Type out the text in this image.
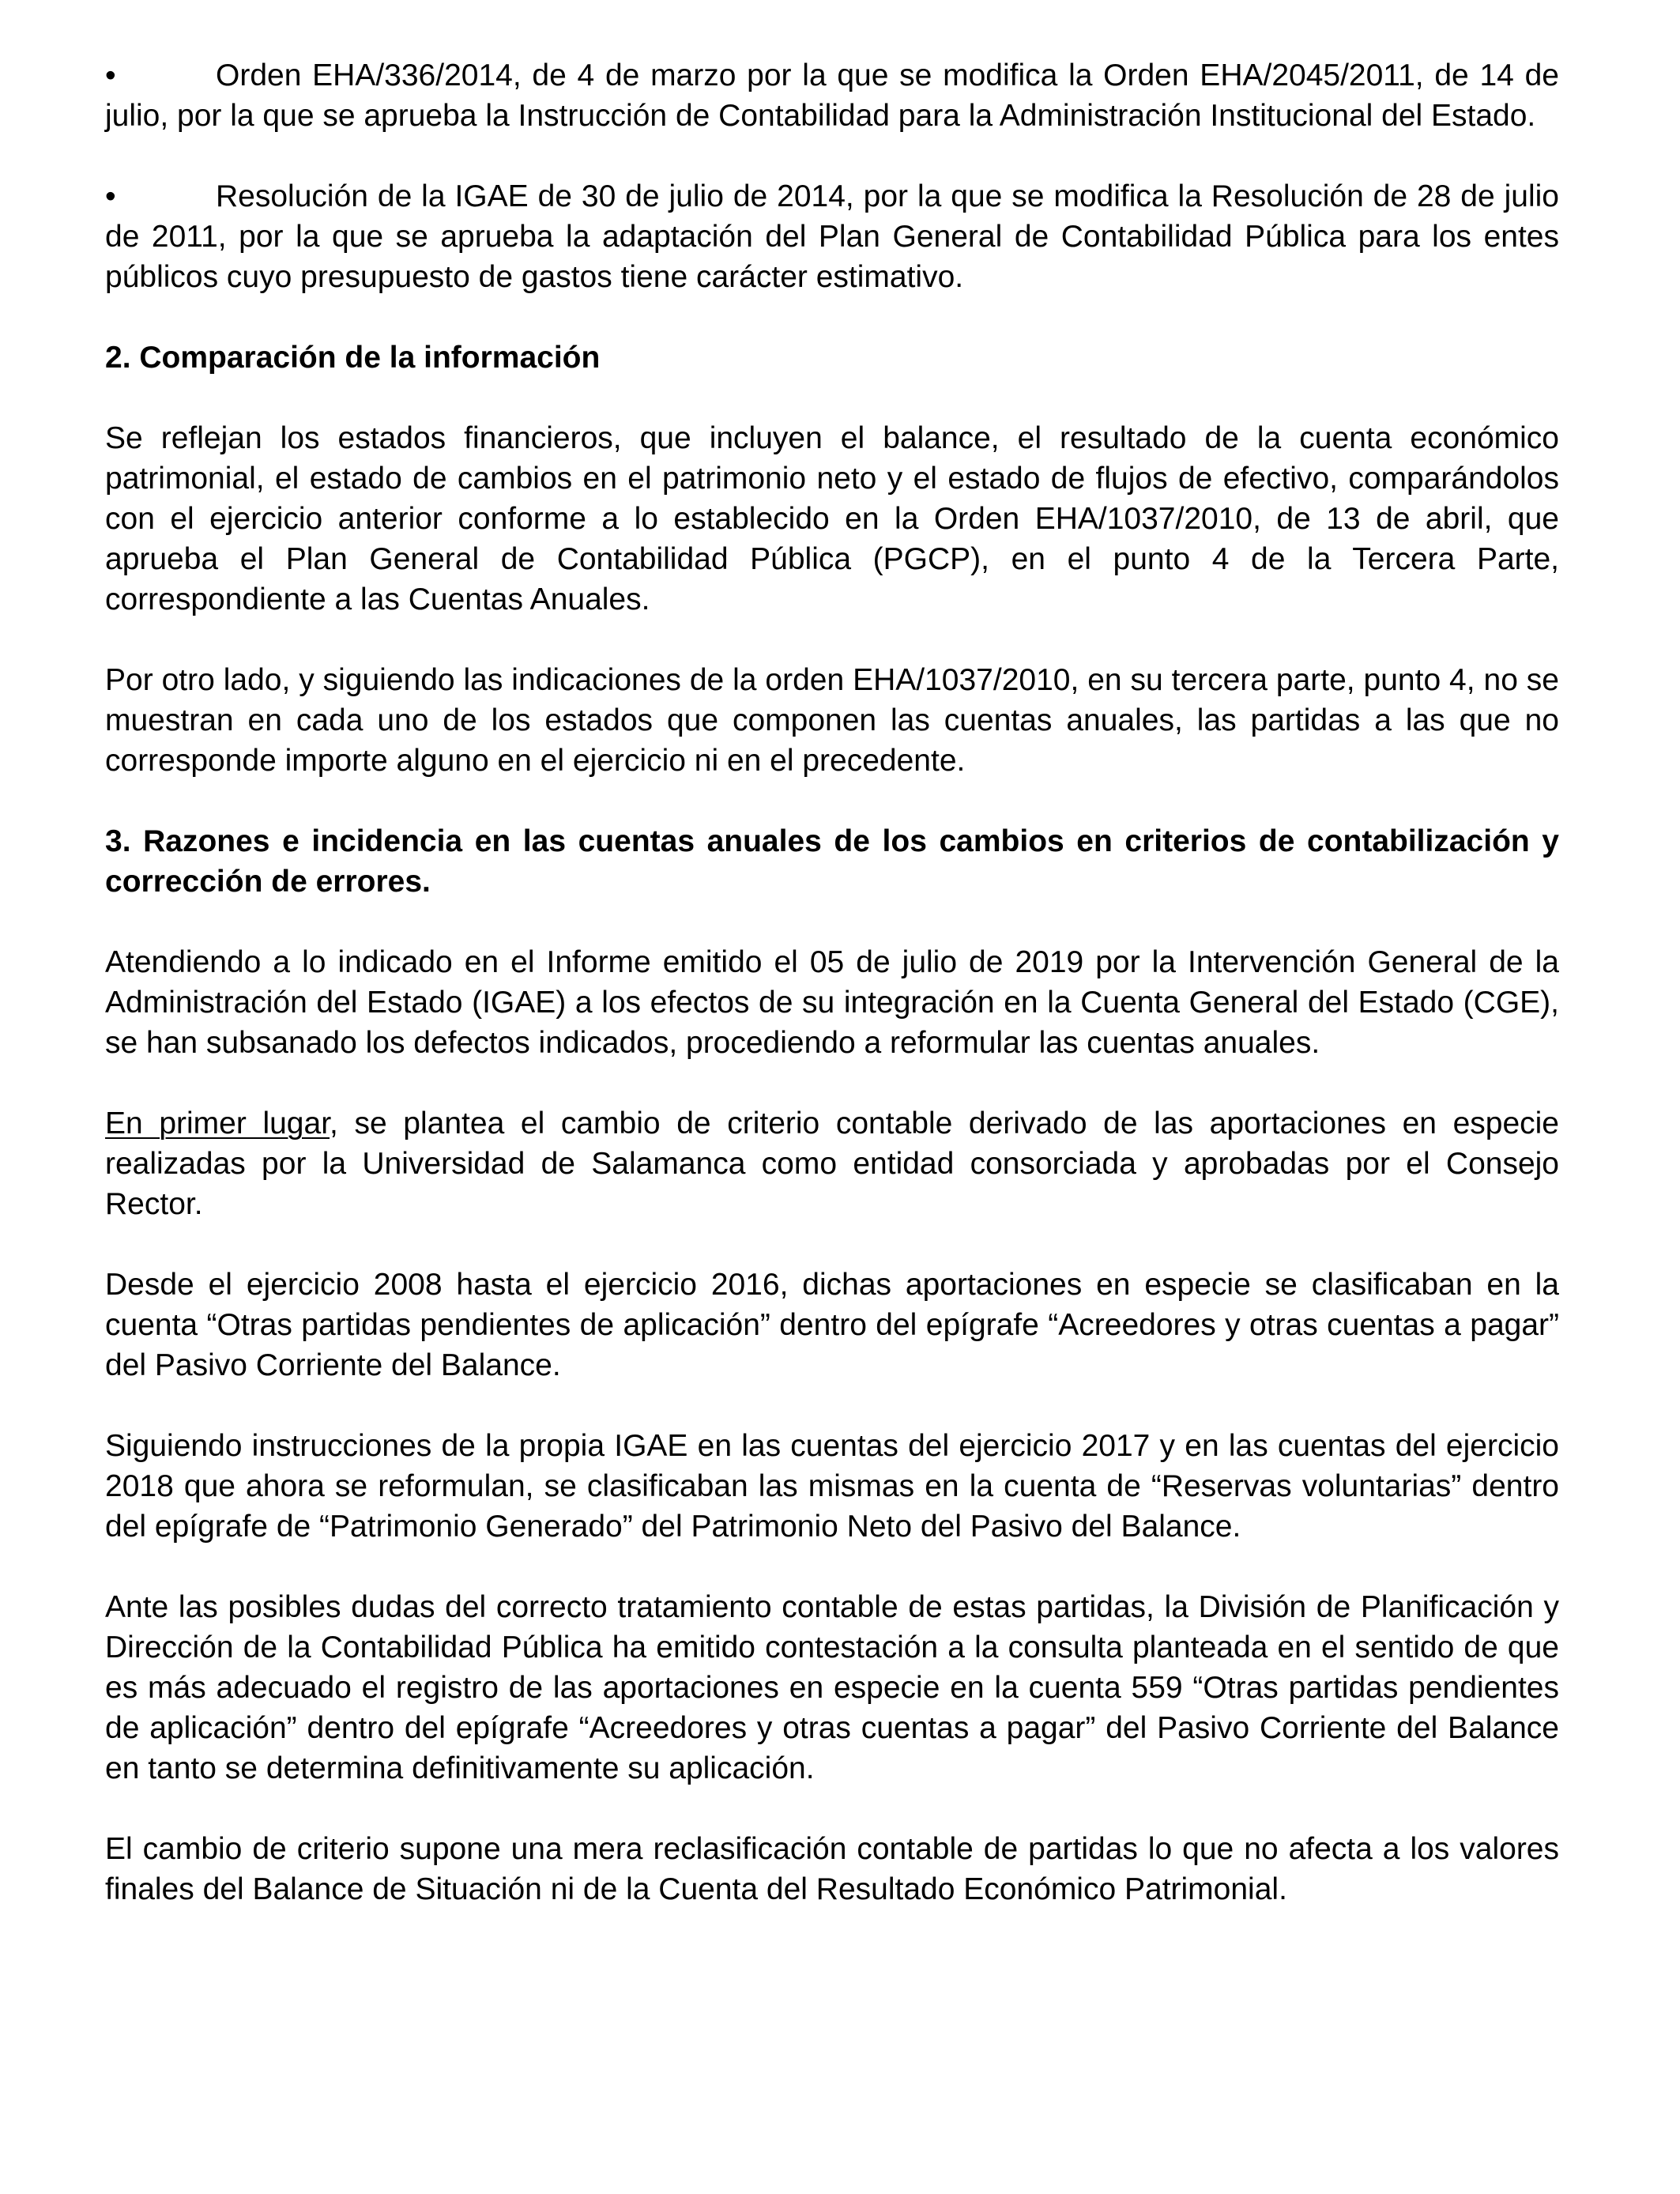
•	Orden EHA/336/2014, de 4 de marzo por la que se modifica la Orden EHA/2045/2011, de 14 de julio, por la que se aprueba la Instrucción de Contabilidad para la Administración Institucional del Estado.

•	Resolución de la IGAE de 30 de julio de 2014, por la que se modifica la Resolución de 28 de julio de 2011, por la que se aprueba la adaptación del Plan General de Contabilidad Pública para los entes públicos cuyo presupuesto de gastos tiene carácter estimativo.

2. Comparación de la información

Se reflejan los estados financieros, que incluyen el balance, el resultado de la cuenta económico patrimonial, el estado de cambios en el patrimonio neto y el estado de flujos de efectivo, comparándolos con el ejercicio anterior conforme a lo establecido en la Orden EHA/1037/2010, de 13 de abril, que aprueba el Plan General de Contabilidad Pública (PGCP), en el punto 4 de la Tercera Parte, correspondiente a las Cuentas Anuales.

Por otro lado, y siguiendo las indicaciones de la orden EHA/1037/2010, en su tercera parte, punto 4, no se muestran en cada uno de los estados que componen las cuentas anuales, las partidas a las que no corresponde importe alguno en el ejercicio ni en el precedente.

3. Razones e incidencia en las cuentas anuales de los cambios en criterios de contabilización y corrección de errores.

Atendiendo a lo indicado en el Informe emitido el 05 de julio de 2019 por la Intervención General de la Administración del Estado (IGAE) a los efectos de su integración en la Cuenta General del Estado (CGE), se han subsanado los defectos indicados, procediendo a reformular las cuentas anuales.

En primer lugar, se plantea el cambio de criterio contable derivado de las aportaciones en especie realizadas por la Universidad de Salamanca como entidad consorciada y aprobadas por el Consejo Rector.

Desde el ejercicio 2008 hasta el ejercicio 2016, dichas aportaciones en especie se clasificaban en la cuenta “Otras partidas pendientes de aplicación” dentro del epígrafe “Acreedores y otras cuentas a pagar” del Pasivo Corriente del Balance.

Siguiendo instrucciones de la propia IGAE en las cuentas del ejercicio 2017 y en las cuentas del ejercicio 2018 que ahora se reformulan, se clasificaban las mismas en la cuenta de “Reservas voluntarias” dentro del epígrafe de “Patrimonio Generado” del Patrimonio Neto del Pasivo del Balance.

Ante las posibles dudas del correcto tratamiento contable de estas partidas, la División de Planificación y Dirección de la Contabilidad Pública ha emitido contestación a la consulta planteada en el sentido de que es más adecuado el registro de las aportaciones en especie en la cuenta 559 “Otras partidas pendientes de aplicación” dentro del epígrafe “Acreedores y otras cuentas a pagar” del Pasivo Corriente del Balance en tanto se determina definitivamente su aplicación.

El cambio de criterio supone una mera reclasificación contable de partidas lo que no afecta a los valores finales del Balance de Situación ni de la Cuenta del Resultado Económico Patrimonial.
